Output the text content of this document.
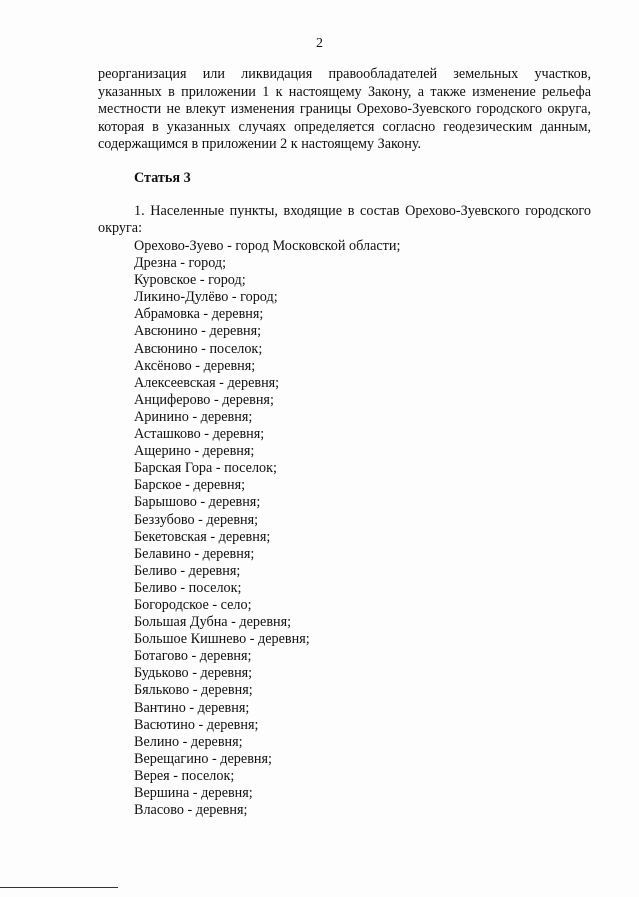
2
реорганизация или ликвидация правообладателей земельных участков, указанных в приложении 1 к настоящему Закону, а также изменение рельефа местности не влекут изменения границы Орехово-Зуевского городского округа, которая в указанных случаях определяется согласно геодезическим данным, содержащимся в приложении 2 к настоящему Закону.
Статья 3
1. Населенные пункты, входящие в состав Орехово-Зуевского городского округа:
Орехово-Зуево - город Московской области;
Дрезна - город;
Куровское - город;
Ликино-Дулёво - город;
Абрамовка - деревня;
Авсюнино - деревня;
Авсюнино - поселок;
Аксёново - деревня;
Алексеевская - деревня;
Анциферово - деревня;
Аринино - деревня;
Асташково - деревня;
Ащерино - деревня;
Барская Гора - поселок;
Барское - деревня;
Барышово - деревня;
Беззубово - деревня;
Бекетовская - деревня;
Белавино - деревня;
Беливо - деревня;
Беливо - поселок;
Богородское - село;
Большая Дубна - деревня;
Большое Кишнево - деревня;
Ботагово - деревня;
Будьково - деревня;
Бяльково - деревня;
Вантино - деревня;
Васютино - деревня;
Велино - деревня;
Верещагино - деревня;
Верея - поселок;
Вершина - деревня;
Власово - деревня;
